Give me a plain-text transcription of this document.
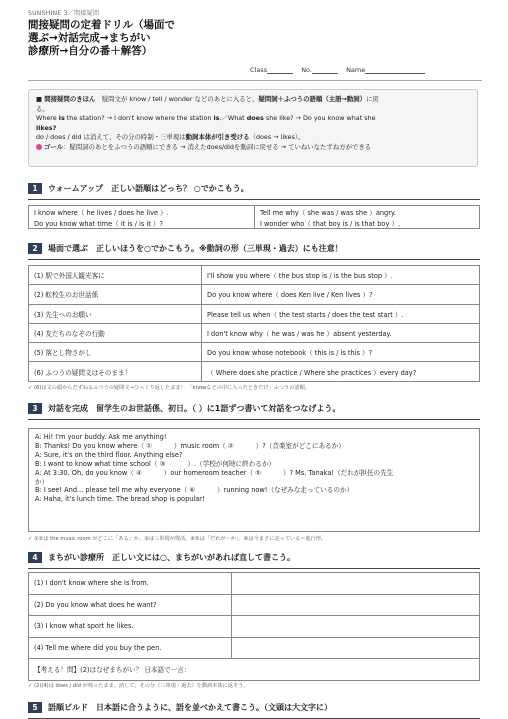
SUNSHINE 3／間接疑問
間接疑問の定着ドリル（場面で
選ぶ→対話完成→まちがい
診療所→自分の番＋解答）
Class	No.	Name
■ 間接疑問のきほん　 疑問文が know / tell / wonder などのあとに入ると、疑問詞＋ふつうの語順（主語→動詞）に戻
る。
Where is the station? → I don't know where the station is.／What does she like? → Do you know what she
likes?
do / does / did は消えて、その分の時制・三単現は動詞本体が引き受ける（does → likes）。
ゴール：疑問詞のあとをふつうの語順にできる → 消えたdoes/didを動詞に戻せる → ていねいなたずね方ができる
1 ウォームアップ　正しい語順はどっち？ ○でかこもう。
I know where（ he lives / does he live ）.	Tell me why（ she was / was she ）angry.
Do you know what time（ it is / is it ）?	I wonder who（ that boy is / is that boy ）.
2 場面で選ぶ　正しいほうを○でかこもう。※動詞の形（三単現・過去）にも注意！
(1) 駅で外国人観光客に	I'll show you where（ the bus stop is / is the bus stop ）.
(2) 転校生のお世話係	Do you know where（ does Ken live / Ken lives ）?
(3) 先生へのお願い	Please tell us when（ the test starts / does the test start ）.
(4) 友だちのなぞの行動	I don't know why（ he was / was he ）absent yesterday.
(5) 落とし物さがし	Do you know whose notebook（ this is / is this ）?
(6) ふつうの疑問文はそのまま！	（ Where does she practice / Where she practices ）every day?
✓ (6)は文の頭からだずねるふつうの疑問文→ひっくり返したまま！ 「knowなどの中に入ったときだけ」ふつうの語順。
3 対話を完成　留学生のお世話係、初日。（ ）に1語ずつ書いて対話をつなげよう。
A: Hi! I'm your buddy. Ask me anything!
B: Thanks! Do you know where（ ①　　　 ）music room（ ②　　　 ）?（音楽室がどこにあるか）
A: Sure, it's on the third floor. Anything else?
B: I want to know what time school（ ③　　　 ）.（学校が何時に終わるか）
A: At 3:30. Oh, do you know（ ④　　　 ）our homeroom teacher（ ⑤　　　 ）? Ms. Tanaka!（だれが担任の先生
か）
B: I see! And... please tell me why everyone（ ⑥　　　 ）running now!（なぜみな走っているのか）
A: Haha, it's lunch time. The bread shop is popular!
✓ ①②は the music room がどこに「ある」か。③は三単現が復活。④⑤は「だれが〜か」。⑥は今まさに走っている＝進行形。
4 まちがい診療所　正しい文には○、まちがいがあれば直して書こう。
(1) I don't know where she is from.	
(2) Do you know what does he want?	
(3) I know what sport he likes.	
(4) Tell me where did you buy the pen.	
【考える！問】(2)はなぜまちがい？ 日本語で一言：	
✓ (2)(4)は does / did が残ったまま。消して、その分（三単現・過去）を動詞本体に返そう。
5 語順ビルド　日本語に合うように、語を並べかえて書こう。（文頭は大文字に）
